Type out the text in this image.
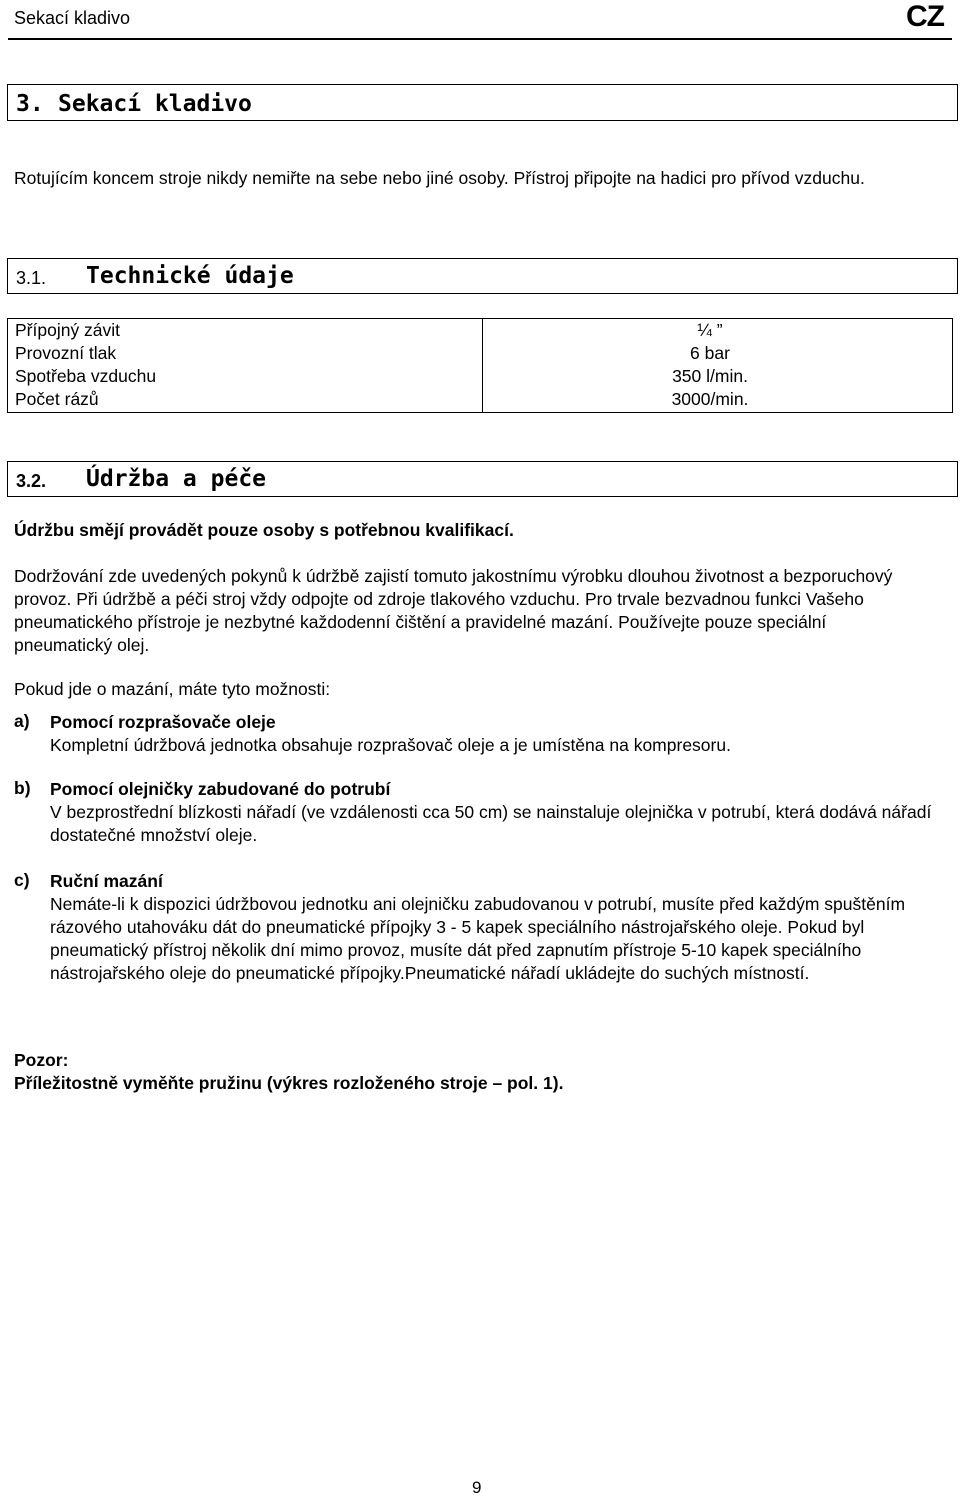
Sekací kladivo	CZ
3. Sekací kladivo
Rotujícím koncem stroje nikdy nemiřte na sebe nebo jiné osoby. Přístroj připojte na hadici pro přívod vzduchu.
3.1. Technické údaje
Přípojný závit	¼ ”
Provozní tlak	6 bar
Spotřeba vzduchu	350 l/min.
Počet rázů	3000/min.
3.2. Údržba a péče
Údržbu smějí provádět pouze osoby s potřebnou kvalifikací.
Dodržování zde uvedených pokynů k údržbě zajistí tomuto jakostnímu výrobku dlouhou životnost a bezporuchový provoz. Při údržbě a péči stroj vždy odpojte od zdroje tlakového vzduchu. Pro trvale bezvadnou funkci Vašeho pneumatického přístroje je nezbytné každodenní čištění a pravidelné mazání. Používejte pouze speciální pneumatický olej.
Pokud jde o mazání, máte tyto možnosti:
a) Pomocí rozprašovače oleje
Kompletní údržbová jednotka obsahuje rozprašovač oleje a je umístěna na kompresoru.
b) Pomocí olejničky zabudované do potrubí
V bezprostřední blízkosti nářadí (ve vzdálenosti cca 50 cm) se nainstaluje olejnička v potrubí, která dodává nářadí dostatečné množství oleje.
c) Ruční mazání
Nemáte-li k dispozici údržbovou jednotku ani olejničku zabudovanou v potrubí, musíte před každým spuštěním rázového utahováku dát do pneumatické přípojky 3 - 5 kapek speciálního nástrojařského oleje. Pokud byl pneumatický přístroj několik dní mimo provoz, musíte dát před zapnutím přístroje 5-10 kapek speciálního nástrojařského oleje do pneumatické přípojky.Pneumatické nářadí ukládejte do suchých místností.
Pozor:
Příležitostně vyměňte pružinu (výkres rozloženého stroje – pol. 1).
9
